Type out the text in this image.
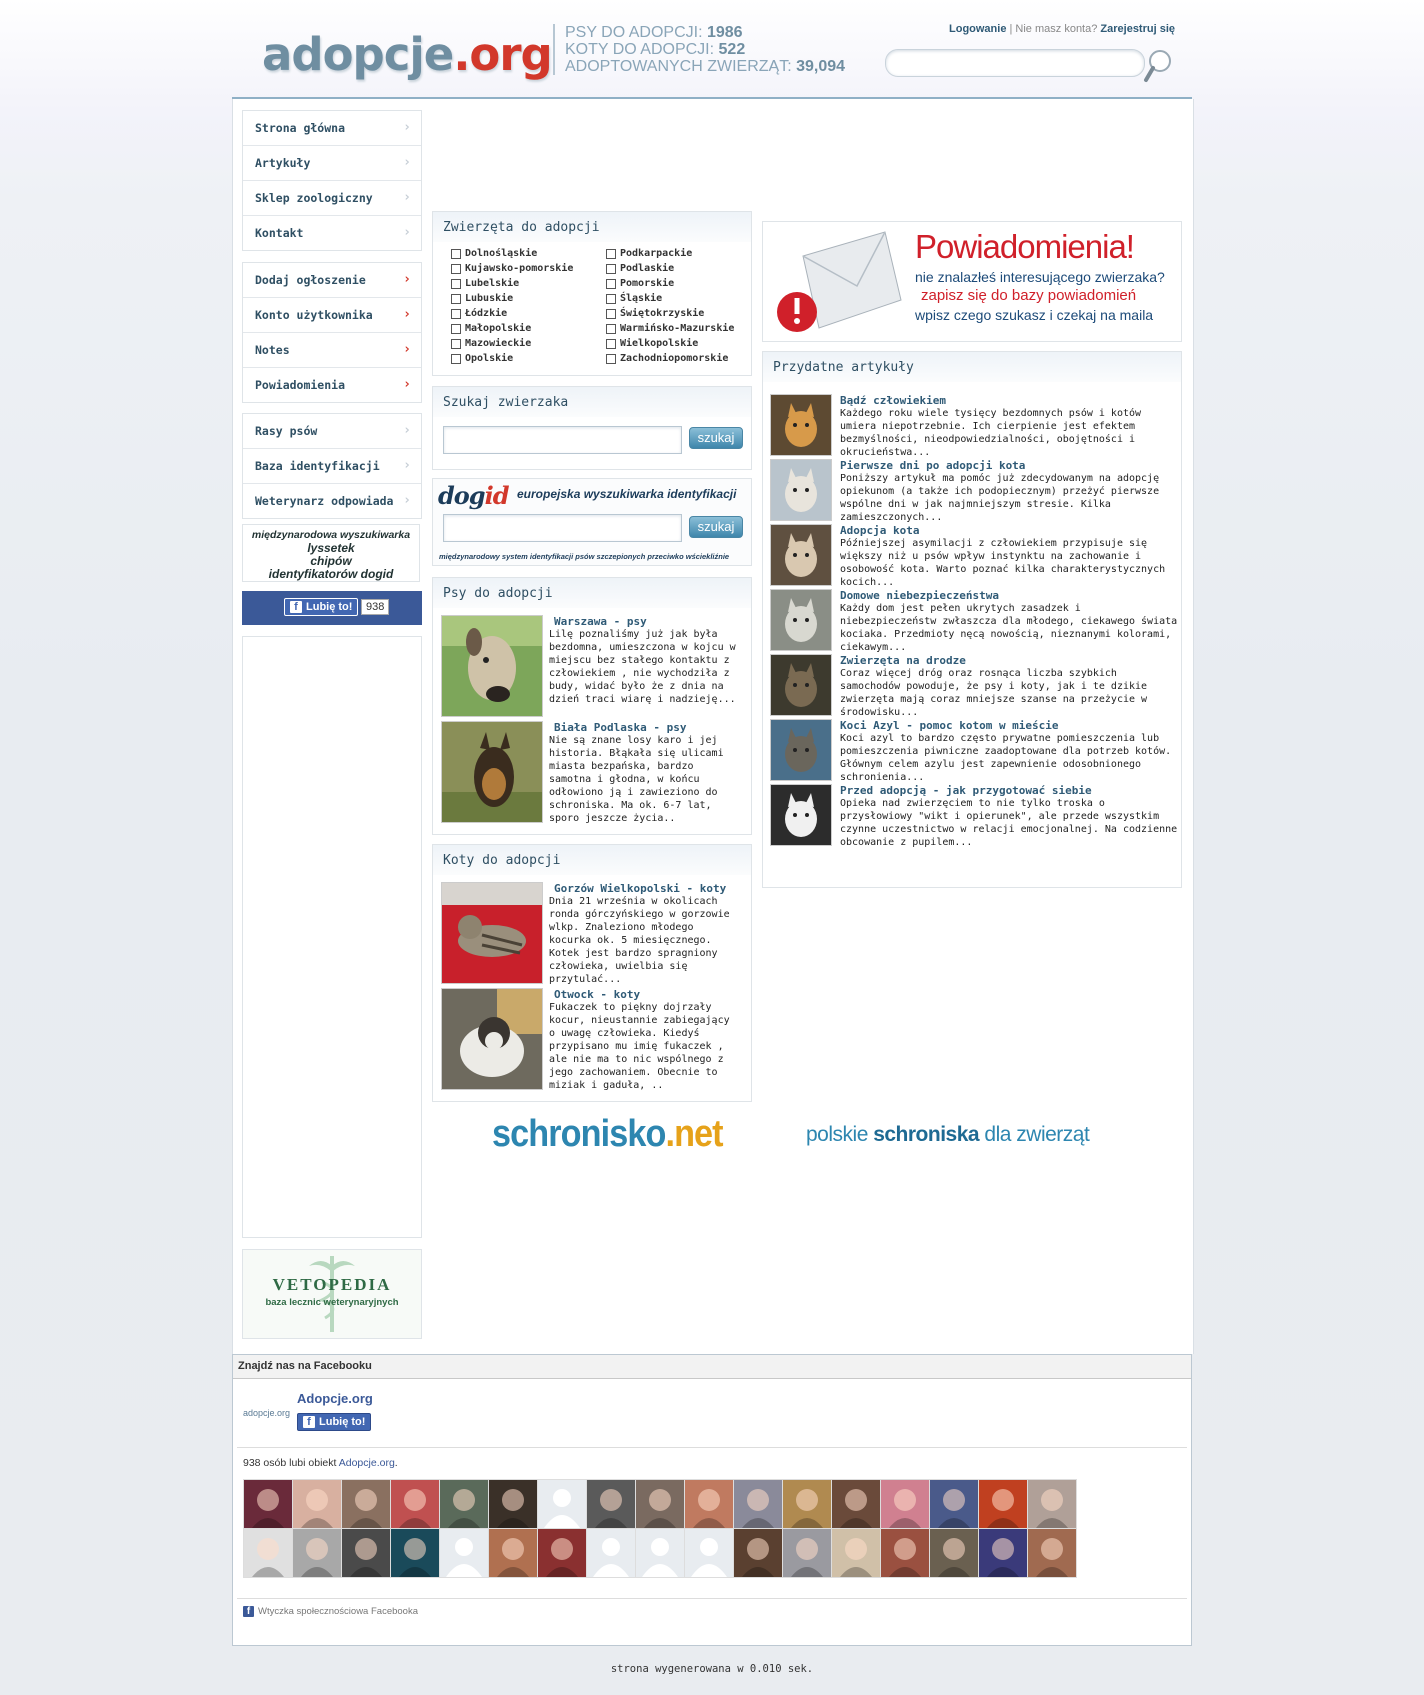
adopcje.org PSY DO ADOPCJI: 1986
KOTY DO ADOPCJI: 522
ADOPTOWANYCH ZWIERZĄT: 39,094
Logowanie | Nie masz konta? Zarejestruj się
Strona główna	›
Artykuły	›
Sklep zoologiczny ›
Kontakt	›
Dodaj ogłoszenie	›
Konto użytkownika ›
Notes	›
Powiadomienia	›
Rasy psów	›
Baza identyfikacji ›
Weterynarz odpowiada ›
międzynarodowa wyszukiwarka
lyssetek
chipów
identyfikatorów dogid
f Lubię to!	938
VETOPEDIA
baza lecznic weterynaryjnych
Zwierzęta do adopcji
Dolnośląskie	Podkarpackie
Kujawsko-pomorskie	Podlaskie
Lubelskie	Pomorskie
Lubuskie	Śląskie
Łódzkie	Świętokrzyskie
Małopolskie	Warmińsko-Mazurskie
Mazowieckie	Wielkopolskie
Opolskie	Zachodniopomorskie
Szukaj zwierzaka
szukaj
dogid europejska wyszukiwarka identyfikacji
szukaj
międzynarodowy system identyfikacji psów szczepionych przeciwko wściekliźnie
Psy do adopcji
Warszawa - psy
Lilę poznaliśmy już jak była bezdomna, umieszczona w kojcu w miejscu bez stałego kontaktu z człowiekiem , nie wychodziła z budy, widać było że z dnia na dzień traci wiarę i nadzieję...
Biała Podlaska - psy
Nie są znane losy karo i jej historia. Błąkała się ulicami miasta bezpańska, bardzo samotna i głodna, w końcu odłowiono ją i zawieziono do schroniska. Ma ok. 6-7 lat, sporo jeszcze życia..
Koty do adopcji
Gorzów Wielkopolski - koty
Dnia 21 września w okolicach ronda górczyńskiego w gorzowie wlkp. Znaleziono młodego kocurka ok. 5 miesięcznego. Kotek jest bardzo spragniony człowieka, uwielbia się przytulać...
Otwock - koty
Fukaczek to piękny dojrzały kocur, nieustannie zabiegający o uwagę człowieka. Kiedyś przypisano mu imię fukaczek , ale nie ma to nic wspólnego z jego zachowaniem. Obecnie to miziak i gaduła, ..
Powiadomienia!
nie znalazłeś interesującego zwierzaka?
zapisz się do bazy powiadomień
wpisz czego szukasz i czekaj na maila
Przydatne artykuły
Bądź człowiekiem
Każdego roku wiele tysięcy bezdomnych psów i kotów umiera niepotrzebnie. Ich cierpienie jest efektem bezmyślności, nieodpowiedzialności, obojętności i okrucieństwa...
Pierwsze dni po adopcji kota
Poniższy artykuł ma pomóc już zdecydowanym na adopcję opiekunom (a także ich podopiecznym) przeżyć pierwsze wspólne dni w jak najmniejszym stresie. Kilka zamieszczonych...
Adopcja kota
Późniejszej asymilacji z człowiekiem przypisuje się większy niż u psów wpływ instynktu na zachowanie i osobowość kota. Warto poznać kilka charakterystycznych kocich...
Domowe niebezpieczeństwa
Każdy dom jest pełen ukrytych zasadzek i niebezpieczeństw zwłaszcza dla młodego, ciekawego świata kociaka. Przedmioty nęcą nowością, nieznanymi kolorami, ciekawym...
Zwierzęta na drodze
Coraz więcej dróg oraz rosnąca liczba szybkich samochodów powoduje, że psy i koty, jak i te dzikie zwierzęta mają coraz mniejsze szanse na przeżycie w środowisku...
Koci Azyl - pomoc kotom w mieście
Koci azyl to bardzo często prywatne pomieszczenia lub pomieszczenia piwniczne zaadoptowane dla potrzeb kotów. Głównym celem azylu jest zapewnienie odosobnionego schronienia...
Przed adopcją - jak przygotować siebie
Opieka nad zwierzęciem to nie tylko troska o przysłowiowy "wikt i opierunek", ale przede wszystkim czynne uczestnictwo w relacji emocjonalnej. Na codzienne obcowanie z pupilem...
schronisko.net	polskie schroniska dla zwierząt
Znajdź nas na Facebooku
adopcje.org
Adopcje.org
f Lubię to!
938 osób lubi obiekt Adopcje.org.
f Wtyczka społecznościowa Facebooka
strona wygenerowana w 0.010 sek.
